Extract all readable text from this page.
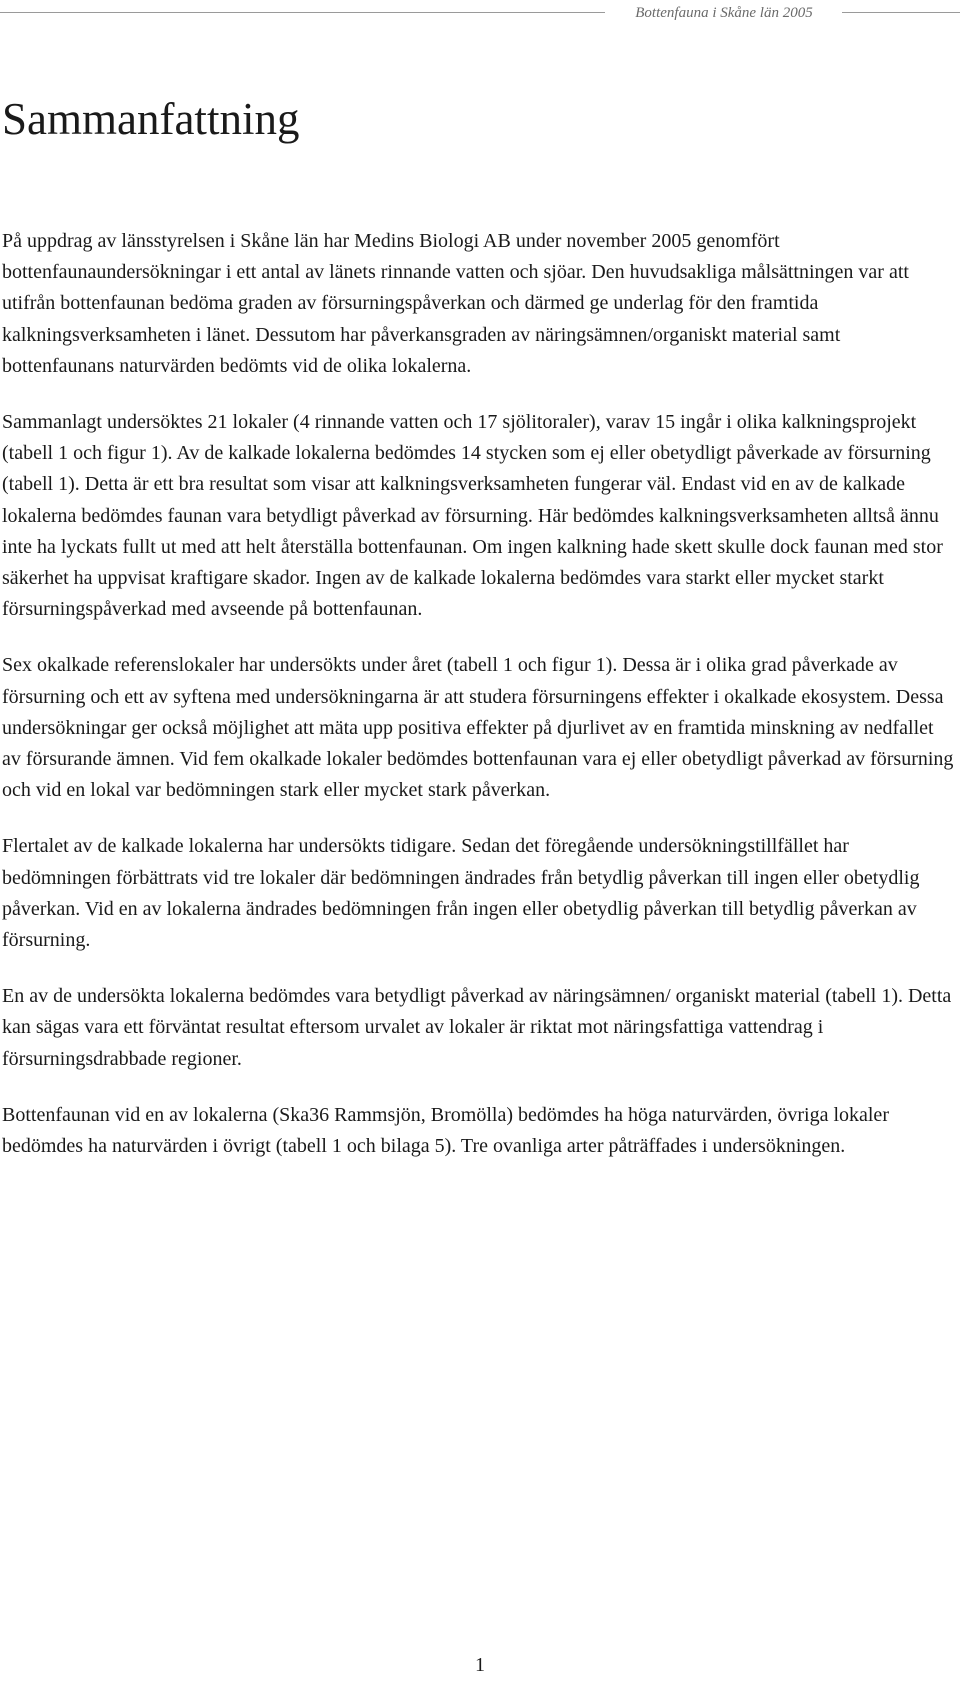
Bottenfauna i Skåne län 2005
Sammanfattning

På uppdrag av länsstyrelsen i Skåne län har Medins Biologi AB under november 2005 genomfört bottenfaunaundersökningar i ett antal av länets rinnande vatten och sjöar. Den huvudsakliga målsättningen var att utifrån bottenfaunan bedöma graden av försurningspåverkan och därmed ge underlag för den framtida kalkningsverksamheten i länet. Dessutom har påverkansgraden av näringsämnen/organiskt material samt bottenfaunans naturvärden bedömts vid de olika lokalerna.

Sammanlagt undersöktes 21 lokaler (4 rinnande vatten och 17 sjölitoraler), varav 15 ingår i olika kalkningsprojekt (tabell 1 och figur 1). Av de kalkade lokalerna bedömdes 14 stycken som ej eller obetydligt påverkade av försurning (tabell 1). Detta är ett bra resultat som visar att kalkningsverksamheten fungerar väl. Endast vid en av de kalkade lokalerna bedömdes faunan vara betydligt påverkad av försurning. Här bedömdes kalkningsverksamheten alltså ännu inte ha lyckats fullt ut med att helt återställa bottenfaunan. Om ingen kalkning hade skett skulle dock faunan med stor säkerhet ha uppvisat kraftigare skador. Ingen av de kalkade lokalerna bedömdes vara starkt eller mycket starkt försurningspåverkad med avseende på bottenfaunan.

Sex okalkade referenslokaler har undersökts under året (tabell 1 och figur 1). Dessa är i olika grad påverkade av försurning och ett av syftena med undersökningarna är att studera försurningens effekter i okalkade ekosystem. Dessa undersökningar ger också möjlighet att mäta upp positiva effekter på djurlivet av en framtida minskning av nedfallet av försurande ämnen. Vid fem okalkade lokaler bedömdes bottenfaunan vara ej eller obetydligt påverkad av försurning och vid en lokal var bedömningen stark eller mycket stark påverkan.

Flertalet av de kalkade lokalerna har undersökts tidigare. Sedan det föregående undersökningstillfället har bedömningen förbättrats vid tre lokaler där bedömningen ändrades från betydlig påverkan till ingen eller obetydlig påverkan. Vid en av lokalerna ändrades bedömningen från ingen eller obetydlig påverkan till betydlig påverkan av försurning.

En av de undersökta lokalerna bedömdes vara betydligt påverkad av näringsämnen/ organiskt material (tabell 1). Detta kan sägas vara ett förväntat resultat eftersom urvalet av lokaler är riktat mot näringsfattiga vattendrag i försurningsdrabbade regioner.

Bottenfaunan vid en av lokalerna (Ska36 Rammsjön, Bromölla) bedömdes ha höga naturvärden, övriga lokaler bedömdes ha naturvärden i övrigt (tabell 1 och bilaga 5). Tre ovanliga arter påträffades i undersökningen.

1
